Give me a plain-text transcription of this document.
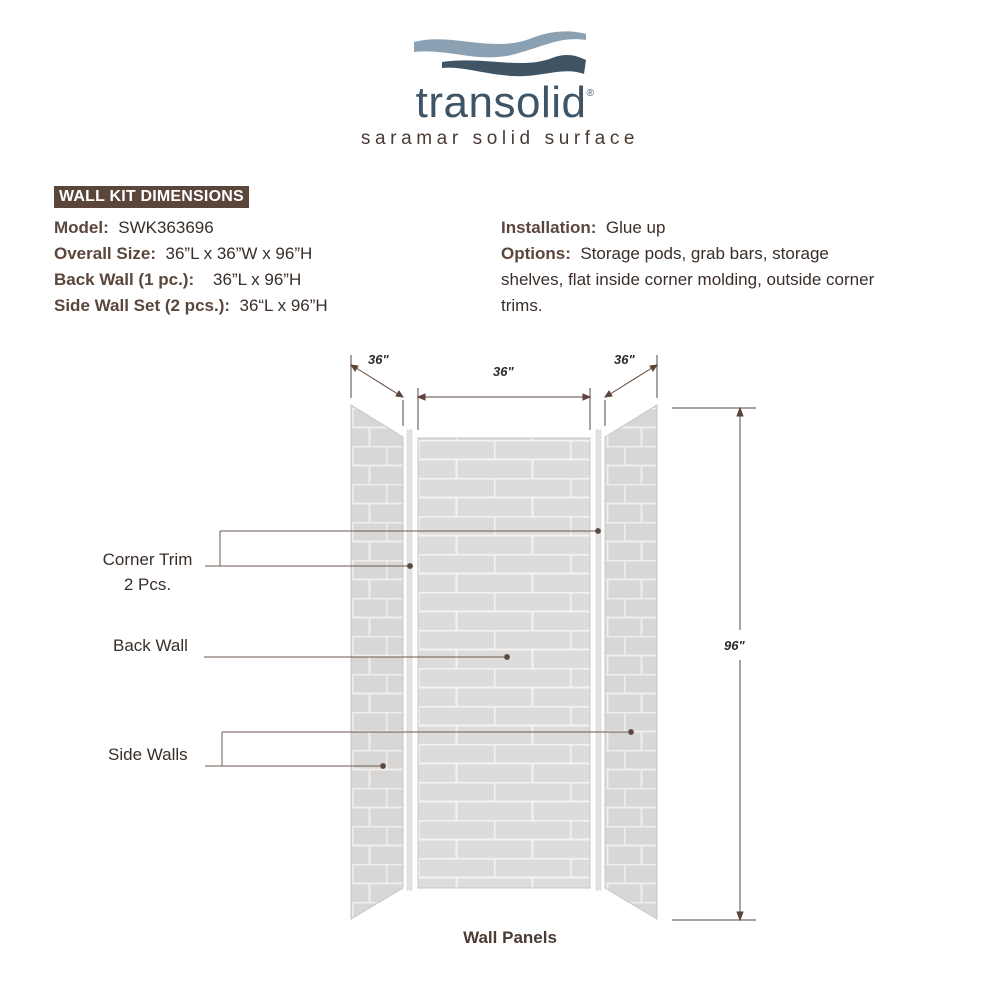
transolid®
saramar solid surface
WALL KIT DIMENSIONS
Model: SWK363696
Overall Size: 36”L x 36”W x 96”H
Back Wall (1 pc.): 36”L x 96”H
Side Wall Set (2 pcs.): 36“L x 96”H
Installation: Glue up
Options: Storage pods, grab bars, storage shelves, flat inside corner molding, outside corner trims.
36"
36"
36"
96"
Corner Trim
2 Pcs.
Back Wall
Side Walls
Wall Panels
